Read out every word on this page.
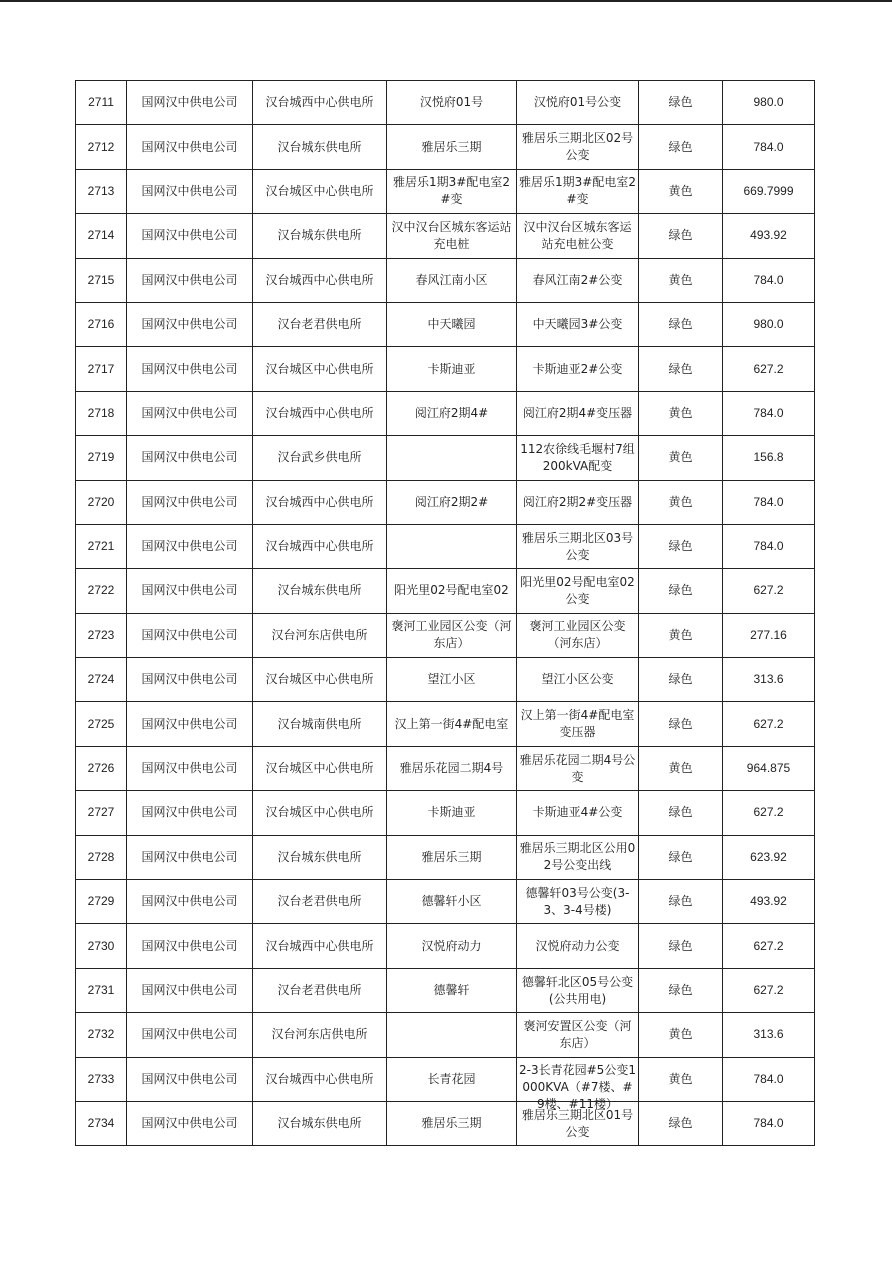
2711	国网汉中供电公司	汉台城西中心供电所	汉悦府01号	汉悦府01号公变	绿色	980.0

2712	国网汉中供电公司	汉台城东供电所	雅居乐三期	雅居乐三期北区02号公变	绿色	784.0

2713	国网汉中供电公司	汉台城区中心供电所	雅居乐1期3#配电室2#变	雅居乐1期3#配电室2#变	黄色	669.7999

2714	国网汉中供电公司	汉台城东供电所	汉中汉台区城东客运站充电桩	汉中汉台区城东客运站充电桩公变	绿色	493.92

2715	国网汉中供电公司	汉台城西中心供电所	春风江南小区	春风江南2#公变	黄色	784.0

2716	国网汉中供电公司	汉台老君供电所	中天曦园	中天曦园3#公变	绿色	980.0

2717	国网汉中供电公司	汉台城区中心供电所	卡斯迪亚	卡斯迪亚2#公变	绿色	627.2

2718	国网汉中供电公司	汉台城西中心供电所	阅江府2期4#	阅江府2期4#变压器	黄色	784.0

2719	国网汉中供电公司	汉台武乡供电所		112农徐线毛堰村7组200kVA配变	黄色	156.8

2720	国网汉中供电公司	汉台城西中心供电所	阅江府2期2#	阅江府2期2#变压器	黄色	784.0

2721	国网汉中供电公司	汉台城西中心供电所		雅居乐三期北区03号公变	绿色	784.0

2722	国网汉中供电公司	汉台城东供电所	阳光里02号配电室02	阳光里02号配电室02公变	绿色	627.2

2723	国网汉中供电公司	汉台河东店供电所	褒河工业园区公变（河东店）	褒河工业园区公变（河东店）	黄色	277.16

2724	国网汉中供电公司	汉台城区中心供电所	望江小区	望江小区公变	绿色	313.6

2725	国网汉中供电公司	汉台城南供电所	汉上第一街4#配电室	汉上第一街4#配电室变压器	绿色	627.2

2726	国网汉中供电公司	汉台城区中心供电所	雅居乐花园二期4号	雅居乐花园二期4号公变	黄色	964.875

2727	国网汉中供电公司	汉台城区中心供电所	卡斯迪亚	卡斯迪亚4#公变	绿色	627.2

2728	国网汉中供电公司	汉台城东供电所	雅居乐三期	雅居乐三期北区公用02号公变出线	绿色	623.92

2729	国网汉中供电公司	汉台老君供电所	德馨轩小区	德馨轩03号公变(3-3、3-4号楼)	绿色	493.92

2730	国网汉中供电公司	汉台城西中心供电所	汉悦府动力	汉悦府动力公变	绿色	627.2

2731	国网汉中供电公司	汉台老君供电所	德馨轩	德馨轩北区05号公变(公共用电)	绿色	627.2

2732	国网汉中供电公司	汉台河东店供电所		褒河安置区公变（河东店）	黄色	313.6

2733	国网汉中供电公司	汉台城西中心供电所	长青花园	2-3长青花园#5公变1000KVA（#7楼、#9楼、#11楼）	黄色	784.0

2734	国网汉中供电公司	汉台城东供电所	雅居乐三期	雅居乐三期北区01号公变	绿色	784.0
